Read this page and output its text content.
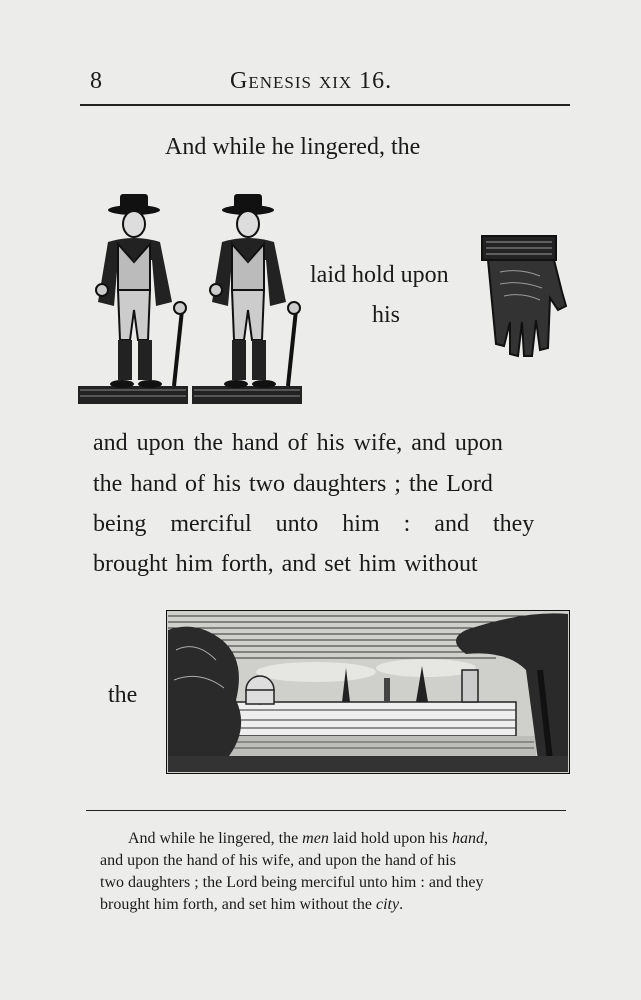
8	Genesis xix 16.
And while he lingered, the
laid hold upon
his
and upon the hand of his wife, and upon
the hand of his two daughters ; the Lord
being merciful unto him : and they
brought him forth, and set him without
the
And while he lingered, the men laid hold upon his hand,
and upon the hand of his wife, and upon the hand of his
two daughters ; the Lord being merciful unto him : and they
brought him forth, and set him without the city.
